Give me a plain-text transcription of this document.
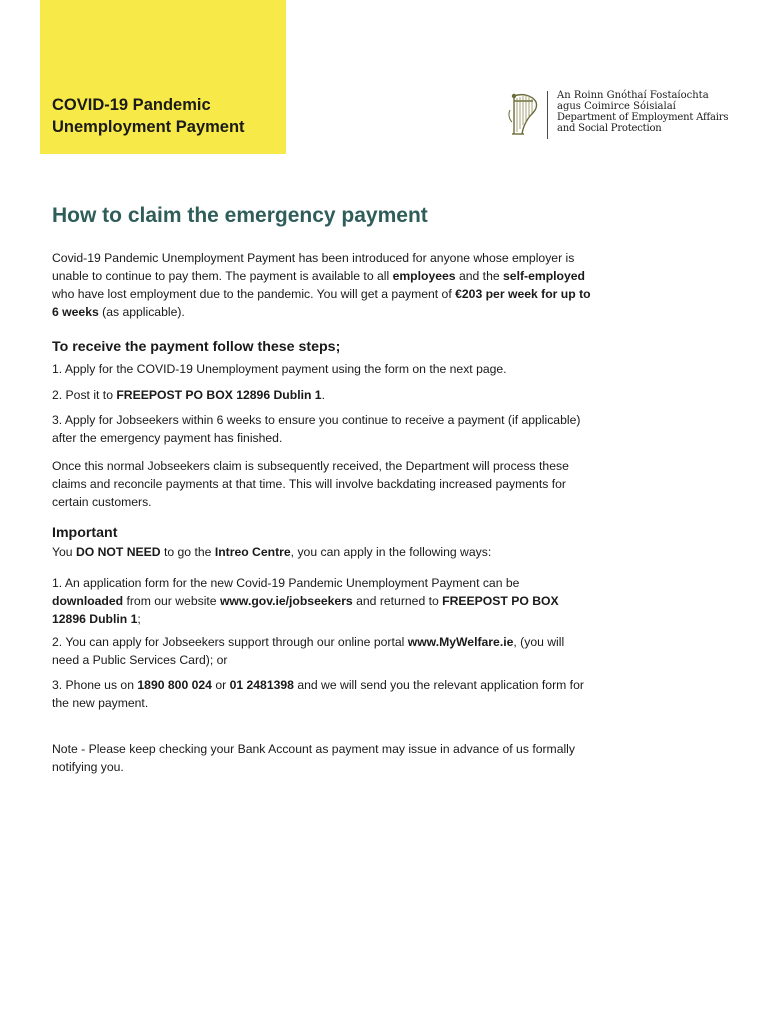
COVID-19 Pandemic
Unemployment Payment
An Roinn Gnóthaí Fostaíochta
agus Coimirce Sóisialaí
Department of Employment Affairs
and Social Protection
How to claim the emergency payment

Covid-19 Pandemic Unemployment Payment has been introduced for anyone whose employer is unable to continue to pay them. The payment is available to all employees and the self-employed who have lost employment due to the pandemic. You will get a payment of €203 per week for up to 6 weeks (as applicable).

To receive the payment follow these steps;

1. Apply for the COVID-19 Unemployment payment using the form on the next page.

2. Post it to FREEPOST PO BOX 12896 Dublin 1.

3. Apply for Jobseekers within 6 weeks to ensure you continue to receive a payment (if applicable) after the emergency payment has finished.

Once this normal Jobseekers claim is subsequently received, the Department will process these claims and reconcile payments at that time. This will involve backdating increased payments for certain customers.

Important

You DO NOT NEED to go the Intreo Centre, you can apply in the following ways:

1. An application form for the new Covid-19 Pandemic Unemployment Payment can be downloaded from our website www.gov.ie/jobseekers and returned to FREEPOST PO BOX 12896 Dublin 1;

2. You can apply for Jobseekers support through our online portal www.MyWelfare.ie, (you will need a Public Services Card); or

3. Phone us on 1890 800 024 or 01 2481398 and we will send you the relevant application form for the new payment.

Note - Please keep checking your Bank Account as payment may issue in advance of us formally notifying you.
